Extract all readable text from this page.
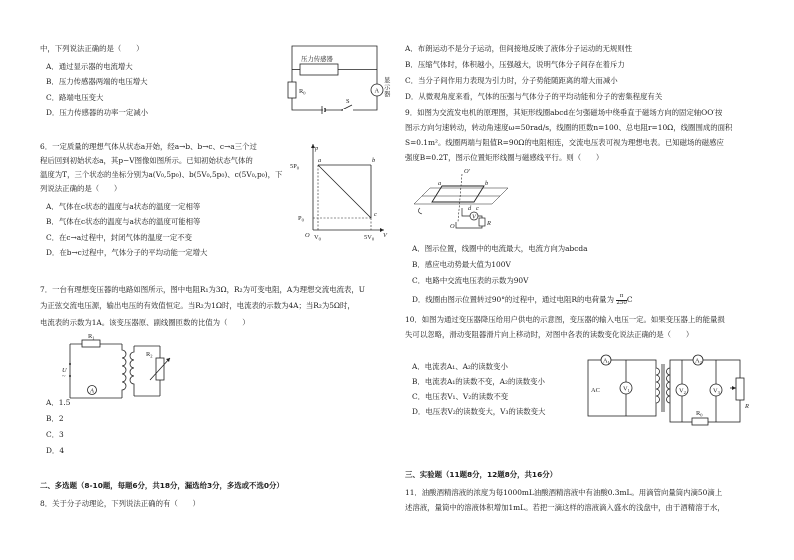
中，下列说法正确的是（　　）
A．通过显示器的电流增大
B．压力传感器两端的电压增大
C．路端电压变大
D．压力传感器的功率一定减小
压力传感器
$R_0$	A
显示器
S
6．一定质量的理想气体从状态a开始，经a→b、b→c、c→a三个过
程后回到初始状态a，其p−V图像如图所示。已知初始状态气体的
温度为T，三个状态的坐标分别为a(V₀,5p₀)、b(5V₀,5p₀)、c(5V₀,p₀)，下
列说法正确的是（　　）
A．气体在c状态的温度与a状态的温度一定相等
B．气体在c状态的温度与a状态的温度可能相等
C．在c→a过程中，封闭气体的温度一定不变
D．在b→c过程中，气体分子的平均动能一定增大
p
V
O
a	b
c
$5P_0$
$P_0$
$V_0$	$5V_0$
7．一台有理想变压器的电路如图所示，图中电阻R₁为3Ω，R₂为可变电阻，A为理想交流电流表，U
为正弦交流电压源，输出电压的有效值恒定。当R₂为1Ω时，电流表的示数为4A；当R₂为5Ω时，
电流表的示数为1A。该变压器原、副线圈匝数的比值为（　　）
$R_1$
U
~
A
$R_2$
A．1.5
B．2
C．3
D．4
二、多选题（8-10题，每题6分，共18分，漏选给3分，多选或不选0分）
8．关于分子动理论，下列说法正确的有（　　）
A．布朗运动不是分子运动，但间接地反映了液体分子运动的无规则性
B．压缩气体时，体积越小，压强越大，说明气体分子间存在着斥力
C．当分子间作用力表现为引力时，分子势能随距离的增大而减小
D．从微观角度来看，气体的压强与气体分子的平均动能和分子的密集程度有关
9．如图为交流发电机的原理图，其矩形线圈abcd在匀强磁场中绕垂直于磁场方向的固定轴OO′按
图示方向匀速转动，转动角速度ω=50rad/s，线圈的匝数n=100、总电阻r=10Ω，线圈围成的面积
S=0.1m²。线圈两端与阻值R=90Ω的电阻相连，交流电压表可视为理想电表。已知磁场的磁感应
强度B=0.2T，图示位置矩形线圈与磁感线平行。则（　　）
O′
O
a	b
c
d
V
R
A．图示位置，线圈中的电流最大，电流方向为abcda
B．感应电动势最大值为100V
C．电路中交流电压表的示数为90V
D．线圈由图示位置转过90°的过程中，通过电阻R的电荷量为 $\frac{\pi}{250}$ C
10．如图为通过变压器降压给用户供电的示意图，变压器的输入电压一定。如果变压器上的能量损
失可以忽略，滑动变阻器滑片向上移动时，对图中各表的读数变化说法正确的是（　　）
A．电流表A₁、A₂的读数变小
B．电流表A₁的读数不变，A₂的读数变小
C．电压表V₁、V₂的读数不变
D．电压表V₂的读数变大，V₃的读数变大
$A_1$
AC	$V_1$
$A_2$
$V_2$	$V_3$
R
$R_0$
三、实验题（11题8分，12题8分，共16分）
11．油酸酒精溶液的浓度为每1000mL油酸酒精溶液中有油酸0.3mL。用滴管向量筒内滴50滴上
述溶液，量筒中的溶液体积增加1mL。若把一滴这样的溶液滴入盛水的浅盘中，由于酒精溶于水，
